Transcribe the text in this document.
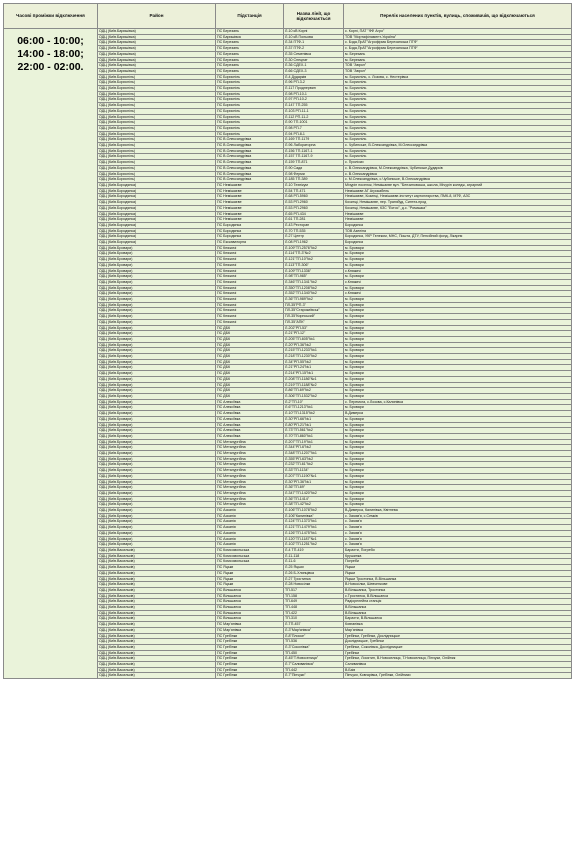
Часові проміжки відключення	Район	Підстанція	Назва лінії, що відключається	Перелік населених пунктів, вулиць, споживачів, що відключаються

06:00 - 10:00;
14:00 - 18:00;
22:00 - 02:00.	ОДЦ (Київ.Баришівка)	ПС Березань	Л-10 кВ Корпі	с. Корпі, ПАТ "ФФ Агро"
	ОДЦ (Київ.Баришівка)	ПС Баришівка	Л-10 кВ Польова	ТОВ "Мортафіламент-Україна"
	ОДЦ (Київ.Баришівка)	ПС Березань	Л-34 ПТФ-1	с. Бзда,ПрАТ"Агрофірма Березанська ПТФ"
	ОДЦ (Київ.Баришівка)	ПС Березань	Л-37 ПТФ-2	с. Бзда,ПрАТ"Агрофірма Березанська ПТФ"
	ОДЦ (Київ.Баришівка)	ПС Березань	Л-35 Семенівка	м. Березань
	ОДЦ (Київ.Баришівка)	ПС Березань	Л-30 Спецпат	м. Березань
	ОДЦ (Київ.Баришівка)	ПС Березань	Л-36 СДЕХ-1	ТОВ "Аврол"
	ОДЦ (Київ.Баришівка)	ПС Березань	Л-66 СДЕХ-3	ТОВ "Аврол"
	ОДЦ (Київ.Бориспіль)	ПС Бориспіль	Л-4 Дударків	м. Бориспіль, с. Лозова, с. Нестерівка
	ОДЦ (Київ.Бориспіль)	ПС Бориспіль	Л-96 РП-3-2	м. Бориспіль
	ОДЦ (Київ.Бориспіль)	ПС Бориспіль	Л-117 Проднервин	м. Бориспіль
	ОДЦ (Київ.Бориспіль)	ПС Бориспіль	Л-98 РП-10-1	м. Бориспіль
	ОДЦ (Київ.Бориспіль)	ПС Бориспіль	Л-97 РП-10-2	м. Бориспіль
	ОДЦ (Київ.Бориспіль)	ПС Бориспіль	Л-147 ТП-255	м. Бориспіль
	ОДЦ (Київ.Бориспіль)	ПС Бориспіль	Л-103 РП-11-1	м. Бориспіль
	ОДЦ (Київ.Бориспіль)	ПС Бориспіль	Л-112 РП-11-2	м. Бориспіль
	ОДЦ (Київ.Бориспіль)	ПС Бориспіль	Л-90 ТП-1001	м. Бориспіль
	ОДЦ (Київ.Бориспіль)	ПС Бориспіль	Л-98 РП-7	м. Бориспіль
	ОДЦ (Київ.Бориспіль)	ПС Бориспіль	Л-94 РП-8-1	м. Бориспіль
	ОДЦ (Київ.Бориспіль)	ПС В.Олександрівка	Л-169 ТП-1179	м. Бориспіль
	ОДЦ (Київ.Бориспіль)	ПС В.Олександрівка	Л-96 Лабораторна	с. Чубинське, В.Олександрівка, М.Олександрівка
	ОДЦ (Київ.Бориспіль)	ПС В.Олександрівка	Л-156 ТП-1167-1	м. Бориспіль
	ОДЦ (Київ.Бориспіль)	ПС В.Олександрівка	Л-157 ТП-1167-9	м. Бориспіль
	ОДЦ (Київ.Бориспіль)	ПС В.Олександрівка	Л-159 ТП-871	с. Проліски
	ОДЦ (Київ.Бориспіль)	ПС В.Олександрівка	Л-90 Сади	с. В.Олександрівка, М.Олександрівка, Чубинське,Дударків
	ОДЦ (Київ.Бориспіль)	ПС В.Олександрівка	Л-98 Ферми	с. В.Олександрівка
	ОДЦ (Київ.Бориспіль)	ПС В.Олександрівка	Л-185 ТП-389	с. М.Олександрівка, с.Чубинське, В.Олександрівка
	ОДЦ (Київ.Бородянка)	ПС Немішаєве	Л-10 Технікум	Мічурін поселок, Немішаєве вул. "Бензиновська, школа, Мічурін коледж, аграрний
	ОДЦ (Київ.Бородянка)	ПС Немішаєве	Л-54 ТП-471	Немішаєве АГ Агрокабель
	ОДЦ (Київ.Бородянка)	ПС Немішаєве	Л-68 РП-5960	Немішаєве, Козинці, Немішаєве-інститут картоплярства, ПМК-8, МТФ, АЗС
	ОДЦ (Київ.Бородянка)	ПС Немішаєве	Л-53 РП-2960	Козинці, Немішаєве, пер. Транзбуд, Синтез-прод
	ОДЦ (Київ.Бородянка)	ПС Немішаєве	Л-53 РП-2960	Козинці, Немішаєве, КЗС "Ектос", д.с. "Ромашка"
	ОДЦ (Київ.Бородянка)	ПС Немішаєве	Л-65 РП-434	Немішаєве
	ОДЦ (Київ.Бородянка)	ПС Немішаєве	Л-61 ТП-281	Немішаєве
	ОДЦ (Київ.Бородянка)	ПС Бородянка	Л-43 Ресторан	Бородянка
	ОДЦ (Київ.Бородянка)	ПС Бородянка	Л-70 ТП-535	ТОВ Азеліна
	ОДЦ (Київ.Бородянка)	ПС Бородянка	Л-27 Центр	Бородянка, УКР Телеком, МНС, Пошта, ДТУ, Пенсійний фонд, Лікарня
	ОДЦ (Київ.Бородянка)	ПС Екскаваторна	Л-08 РП-1962	Бородянка
	ОДЦ (Київ.Бровари)	ПС Княжичі	Л-109"ТП-2576"№2	м. Бровари
	ОДЦ (Київ.Бровари)	ПС Княжичі	Л-114"ТП-3"№2	м. Бровари
	ОДЦ (Київ.Бровари)	ПС Княжичі	Л-121"ТП-10"№2	м. Бровари
	ОДЦ (Київ.Бровари)	ПС Княжичі	Л-113"ТП-306"	м. Бровари
	ОДЦ (Київ.Бровари)	ПС Княжичі	Л-109"ТП-1336"	с.Княжичі
	ОДЦ (Київ.Бровари)	ПС Княжичі	Л-98"ТП-985"	м. Бровари
	ОДЦ (Київ.Бровари)	ПС Княжичі	Л-346"ТП-1341"№2	с.Княжичі
	ОДЦ (Київ.Бровари)	ПС Княжичі	Л-350"ТП-1208"№2	м. Бровари
	ОДЦ (Київ.Бровари)	ПС Княжичі	Л-352"ТП-1340"№2	с.Княжичі
	ОДЦ (Київ.Бровари)	ПС Княжичі	Л-36"ТП-989"№2	м. Бровари
	ОДЦ (Київ.Бровари)	ПС Княжичі	ПЛ-35"РП-3"	м. Бровари
	ОДЦ (Київ.Бровари)	ПС Княжичі	ПЛ-35"Старокиївськ"	м. Бровари
	ОДЦ (Київ.Бровари)	ПС Княжичі	ПЛ-35"Кирпський"	м. Бровари
	ОДЦ (Київ.Бровари)	ПС Княжичі	ПЛ-35"АПК"	м. Бровари
	ОДЦ (Київ.Бровари)	ПС ДБК	Л-202"РП-53"	м. Бровари
	ОДЦ (Київ.Бровари)	ПС ДБК	Л-21"РП-12"	м. Бровари
	ОДЦ (Київ.Бровари)	ПС ДБК	Л-205"ТП-605"№1	м. Бровари
	ОДЦ (Київ.Бровари)	ПС ДБК	Л-20"РП-36"№2	м. Бровари
	ОДЦ (Київ.Бровари)	ПС ДБК	Л-215"ТП-1233"№1	м. Бровари
	ОДЦ (Київ.Бровари)	ПС ДБК	Л-218"ТП-1230"№2	м. Бровари
	ОДЦ (Київ.Бровари)	ПС ДБК	Л-34"РП-55"№2	м. Бровари
	ОДЦ (Київ.Бровари)	ПС ДБК	Л-21"РП-24"№1	м. Бровари
	ОДЦ (Київ.Бровари)	ПС ДБК	Л-214"РП-15"№1	м. Бровари
	ОДЦ (Київ.Бровари)	ПС ДБК	Л-208"ТП-1186"№1	м. Бровари
	ОДЦ (Київ.Бровари)	ПС ДБК	Л-219"ТП-1188"№2	м. Бровари
	ОДЦ (Київ.Бровари)	ПС ДБК	Л-86"ТП-69"№2	м. Бровари
	ОДЦ (Київ.Бровари)	ПС ДБК	Л-306"ТП-1532"№2	м. Бровари
	ОДЦ (Київ.Бровари)	ПС Алексіївка	Л-2"ТП-10"	с. Перемога, с.Лозова, с.Калинівка
	ОДЦ (Київ.Бровари)	ПС Алексіївка	Л-6"ТП-1213"№1	м. Бровари
	ОДЦ (Київ.Бровари)	ПС Алексіївка	Л-10"ТП-1315"№2	В.Димерка
	ОДЦ (Київ.Бровари)	ПС Алексіївка	Л-30"РП-66"№1	м. Бровари
	ОДЦ (Київ.Бровари)	ПС Алексіївка	Л-80"РП-21"№1	м. Бровари
	ОДЦ (Київ.Бровари)	ПС Алексіївка	Л-73"ТП-561"№2	м. Бровари
	ОДЦ (Київ.Бровари)	ПС Алексіївка	Л-70"ТП-860"№1	м. Бровари
	ОДЦ (Київ.Бровари)	ПС Металургійна	Л-207"ТП-19"№1	м. Бровари
	ОДЦ (Київ.Бровари)	ПС Металургійна	Л-344"РП-6"№2	м. Бровари
	ОДЦ (Київ.Бровари)	ПС Металургійна	Л-348"ТП-1207"№1	м. Бровари
	ОДЦ (Київ.Бровари)	ПС Металургійна	Л-355"РП-63"№2	м. Бровари
	ОДЦ (Київ.Бровари)	ПС Металургійна	Л-232"ТП-61"№2	м. Бровари
	ОДЦ (Київ.Бровари)	ПС Металургійна	Л-33"ТП-1134"	м. Бровари
	ОДЦ (Київ.Бровари)	ПС Металургійна	Л-207"ТП-1190"№1	м. Бровари
	ОДЦ (Київ.Бровари)	ПС Металургійна	Л-30"РП-36"№1	м. Бровари
	ОДЦ (Київ.Бровари)	ПС Металургійна	Л-36"ТП-69"	м. Бровари
	ОДЦ (Київ.Бровари)	ПС Металургійна	Л-347"ТП-1420"№2	м. Бровари
	ОДЦ (Київ.Бровари)	ПС Металургійна	Л-36"ТП-1414"	м. Бровари
	ОДЦ (Київ.Бровари)	ПС Металургійна	Л-38"ТП-42"№2	м. Бровари
	ОДЦ (Київ.Бровари)	ПС Асканія	Л-106"ТП-1078"№2	В.Димерка, Калинівка, Квітнева
	ОДЦ (Київ.Бровари)	ПС Асканія	Л-106"Калинівка"	с. Зазим'я, с.Семків
	ОДЦ (Київ.Бровари)	ПС Асканія	Л-124"ТП-1373"№1	с. Зазим'я
	ОДЦ (Київ.Бровари)	ПС Асканія	Л-121"ТП-1479"№1	с. Зазим'я
	ОДЦ (Київ.Бровари)	ПС Асканія	Л-126"ТП-1475"№1	с. Зазим'я
	ОДЦ (Київ.Бровари)	ПС Асканія	Л-120"ТП-1187"№1	с. Зазим'я
	ОДЦ (Київ.Бровари)	ПС Асканія	Л-102"ТП-1251"№2	с. Зазим'я
	ОДЦ (Київ.Васильків)	ПС Комсомольська	Л-4 ТП-419	Барахти, Погреби
	ОДЦ (Київ.Васильків)	ПС Комсомольська	Л-11-118	Крушинка
	ОДЦ (Київ.Васильків)	ПС Комсомольська	Л-11-6	Погреби
	ОДЦ (Київ.Васильків)	ПС Яцьки	Л-25 Яцьки	Яцьки
	ОДЦ (Київ.Васильків)	ПС Яцьки	Л-26 Б-Хлипцівка	Яцьки
	ОДЦ (Київ.Васильків)	ПС Яцьки	Л-27 Тростинка	Яцьки Тростинка, В.Вільшанка
	ОДЦ (Київ.Васильків)	ПС Яцьки	Л-28 Новосілки	В.Новосілки, Шевченкове
	ОДЦ (Київ.Васильків)	ПС Вільшанка	ТП-517	В.Вільшанка, Тростинка
	ОДЦ (Київ.Васильків)	ПС Вільшанка	ТП-158	с.Тростинка, В.Вільшанка
	ОДЦ (Київ.Васильків)	ПС Вільшанка	ТП-649	Радіорелейна станція
	ОДЦ (Київ.Васильків)	ПС Вільшанка	ТП-448	В.Вільшанка
	ОДЦ (Київ.Васильків)	ПС Вільшанка	ТП-422	В.Вільшанка
	ОДЦ (Київ.Васильків)	ПС Вільшанка	ТП-310	Барахти, В.Вільшанка
	ОДЦ (Київ.Васильків)	ПС Мар'янівка	Л-ТП-457	Ковганівка
	ОДЦ (Київ.Васильків)	ПС Мар'янівка	Л-3"Мар'янівка"	Мар'янівка
	ОДЦ (Київ.Васильків)	ПС Гребінки	Л-8"Плоске"	Гребінки, Гребінки, Дослідницьке
	ОДЦ (Київ.Васильків)	ПС Гребінки	ТП-536	Дослідницьке, Гребінки
	ОДЦ (Київ.Васильків)	ПС Гребінки	Л-3"Соколівка"	Гребінки, Соколівка, Дослідницьке
	ОДЦ (Київ.Васильків)	ПС Гребінки	ТП-450	Гребінки
	ОДЦ (Київ.Васильків)	ПС Гребінки	Л-45"Т.Новоселиця"	Гребінки, Лосятин, В.Новоселиця, Т.Новоселиця, Пінчуки, Олійник
	ОДЦ (Київ.Васильків)	ПС Гребінки	Л-7"Саливанівка"	Саливанівка
	ОДЦ (Київ.Васильків)	ПС Гребінки	ТП-442	В.Бзів
	ОДЦ (Київ.Васильків)	ПС Гребінки	Л-7"Пінчуки"	Пінчуки, Ковгарівка, Гребінки, Олійники
